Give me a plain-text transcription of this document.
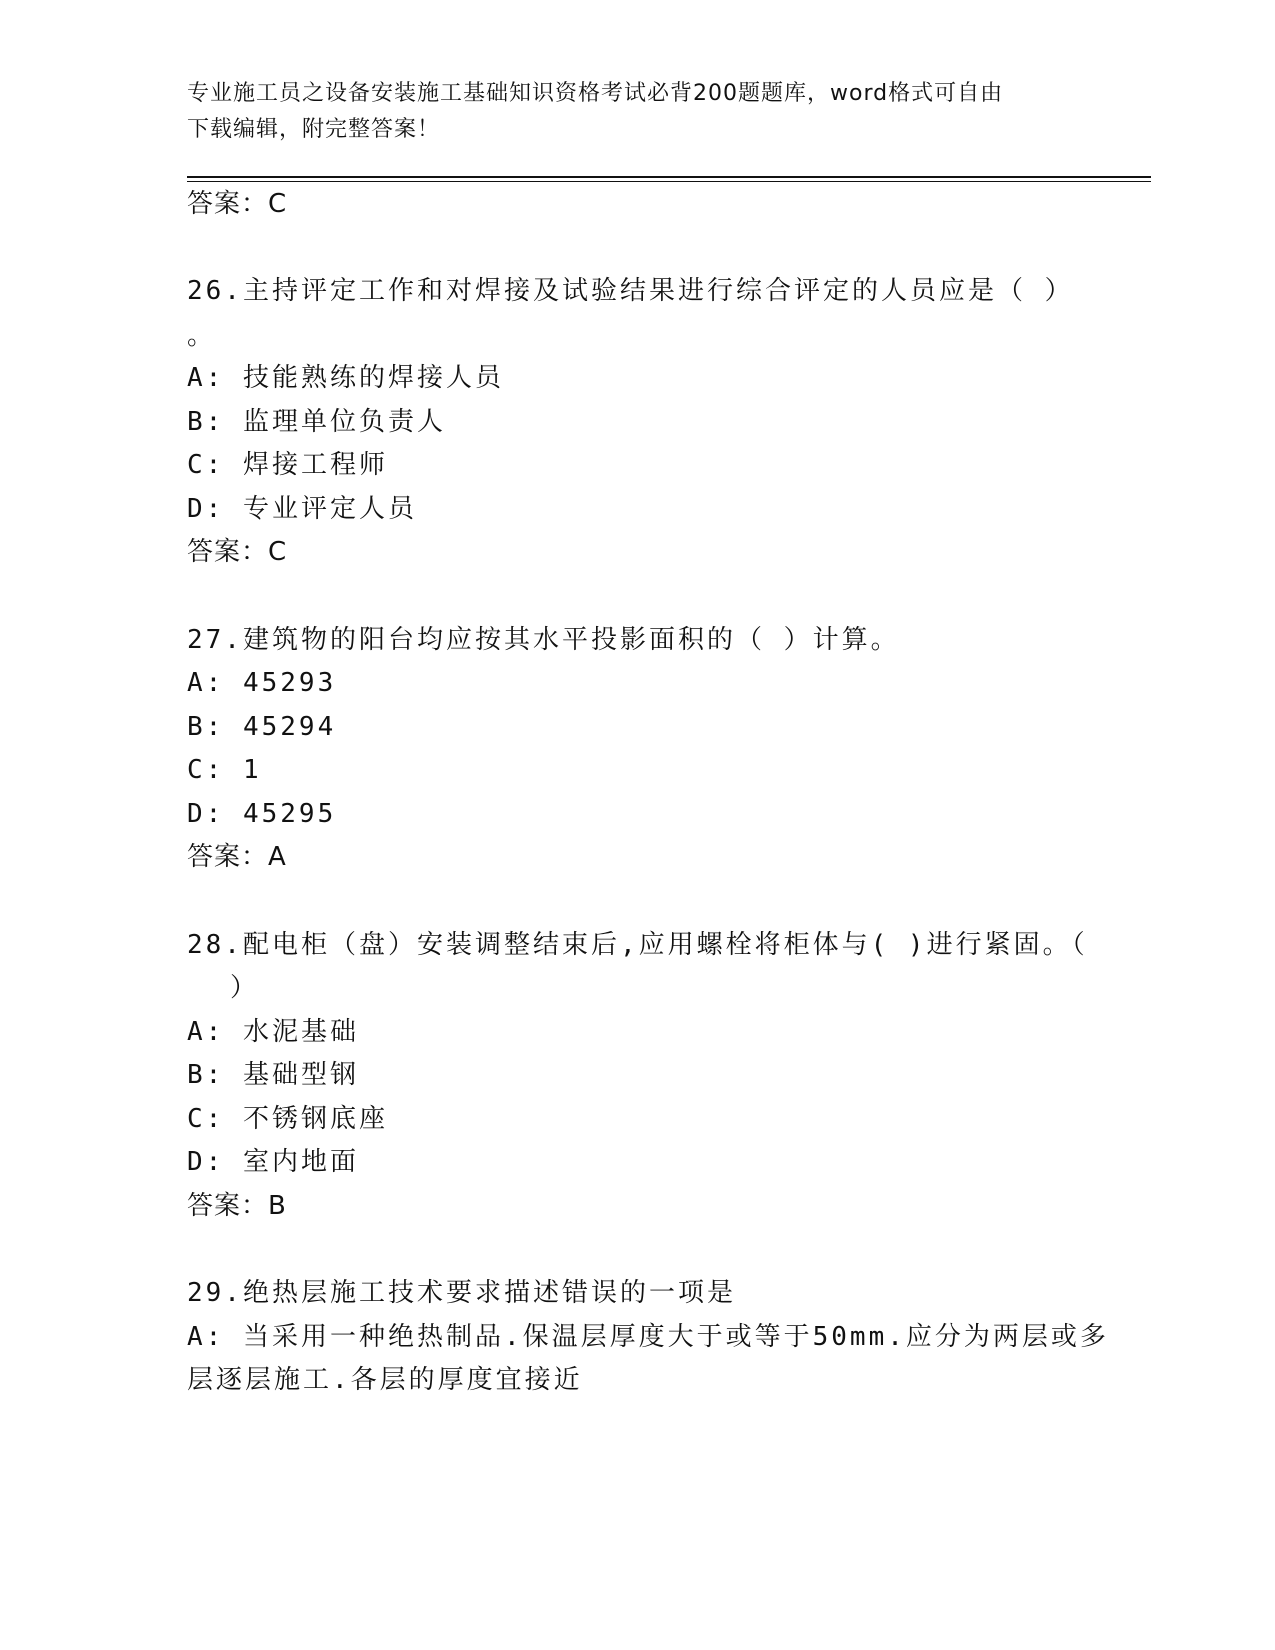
专业施工员之设备安装施工基础知识资格考试必背200题题库，word格式可自由
下载编辑，附完整答案！

答案：C

26.主持评定工作和对焊接及试验结果进行综合评定的人员应是（ ）

。

A: 技能熟练的焊接人员

B: 监理单位负责人

C: 焊接工程师

D: 专业评定人员

答案：C

27.建筑物的阳台均应按其水平投影面积的（ ）计算。

A: 45293

B: 45294

C: 1

D: 45295

答案：A

28.配电柜（盘）安装调整结束后,应用螺栓将柜体与( )进行紧固。（

）

A: 水泥基础

B: 基础型钢

C: 不锈钢底座

D: 室内地面

答案：B

29.绝热层施工技术要求描述错误的一项是

A: 当采用一种绝热制品.保温层厚度大于或等于50mm.应分为两层或多

层逐层施工.各层的厚度宜接近
